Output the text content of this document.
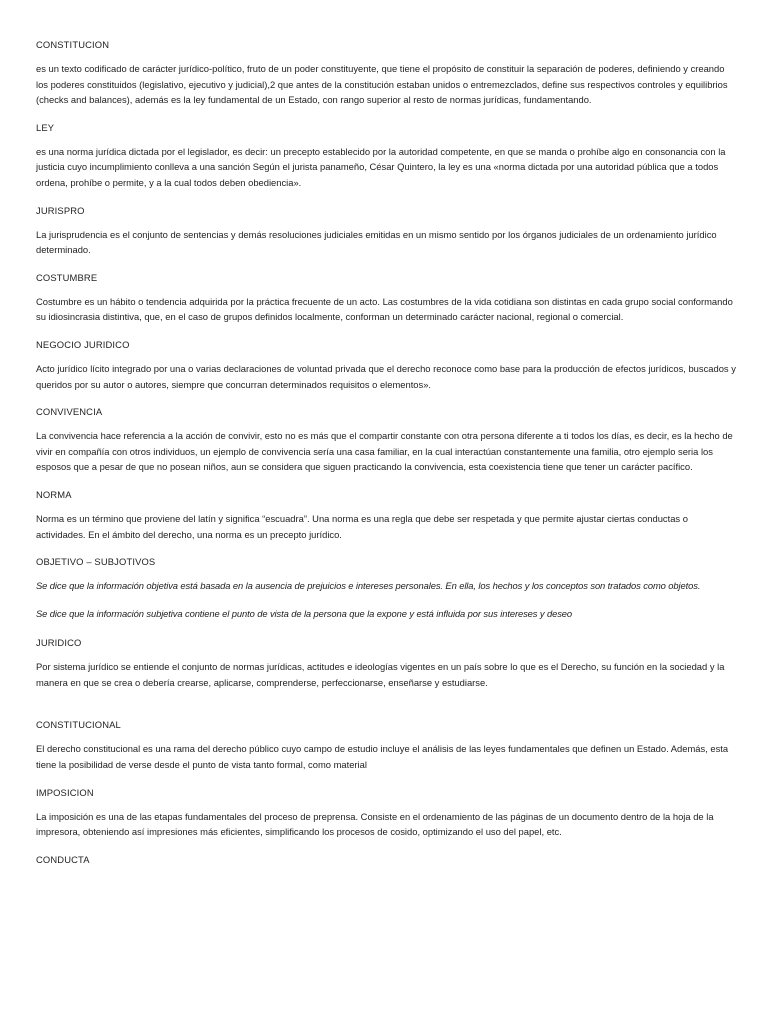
CONSTITUCION

es un texto codificado de carácter jurídico-político, fruto de un poder constituyente, que tiene el propósito de constituir la separación de poderes, definiendo y creando los poderes constituidos (legislativo, ejecutivo y judicial),2 que antes de la constitución estaban unidos o entremezclados, define sus respectivos controles y equilibrios (checks and balances), además es la ley fundamental de un Estado, con rango superior al resto de normas jurídicas, fundamentando.

LEY

es una norma jurídica dictada por el legislador, es decir: un precepto establecido por la autoridad competente, en que se manda o prohíbe algo en consonancia con la justicia cuyo incumplimiento conlleva a una sanción Según el jurista panameño, César Quintero, la ley es una «norma dictada por una autoridad pública que a todos ordena, prohíbe o permite, y a la cual todos deben obediencia».

JURISPRO

La jurisprudencia es el conjunto de sentencias y demás resoluciones judiciales emitidas en un mismo sentido por los órganos judiciales de un ordenamiento jurídico determinado.

COSTUMBRE

Costumbre es un hábito o tendencia adquirida por la práctica frecuente de un acto. Las costumbres de la vida cotidiana son distintas en cada grupo social conformando su idiosincrasia distintiva, que, en el caso de grupos definidos localmente, conforman un determinado carácter nacional, regional o comercial.

NEGOCIO JURIDICO

Acto jurídico lícito integrado por una o varias declaraciones de voluntad privada que el derecho reconoce como base para la producción de efectos jurídicos, buscados y queridos por su autor o autores, siempre que concurran determinados requisitos o elementos».

CONVIVENCIA

La convivencia hace referencia a la acción de convivir, esto no es más que el compartir constante con otra persona diferente a ti todos los días, es decir, es la hecho de vivir en compañía con otros individuos, un ejemplo de convivencia sería una casa familiar, en la cual interactúan constantemente una familia, otro ejemplo seria los esposos que a pesar de que no posean niños, aun se considera que siguen practicando la convivencia, esta coexistencia tiene que tener un carácter pacífico.

NORMA

Norma es un término que proviene del latín y significa “escuadra”. Una norma es una regla que debe ser respetada y que permite ajustar ciertas conductas o actividades. En el ámbito del derecho, una norma es un precepto jurídico.

OBJETIVO – SUBJOTIVOS

Se dice que la información objetiva está basada en la ausencia de prejuicios e intereses personales. En ella, los hechos y los conceptos son tratados como objetos.

Se dice que la información subjetiva contiene el punto de vista de la persona que la expone y está influida por sus intereses y deseo

JURIDICO

Por sistema jurídico se entiende el conjunto de normas jurídicas, actitudes e ideologías vigentes en un país sobre lo que es el Derecho, su función en la sociedad y la manera en que se crea o debería crearse, aplicarse, comprenderse, perfeccionarse, enseñarse y estudiarse.

CONSTITUCIONAL

El derecho constitucional es una rama del derecho público cuyo campo de estudio incluye el análisis de las leyes fundamentales que definen un Estado. Además, esta tiene la posibilidad de verse desde el punto de vista tanto formal, como material

IMPOSICION

La imposición es una de las etapas fundamentales del proceso de preprensa. Consiste en el ordenamiento de las páginas de un documento dentro de la hoja de la impresora, obteniendo así impresiones más eficientes, simplificando los procesos de cosido, optimizando el uso del papel, etc.

CONDUCTA
